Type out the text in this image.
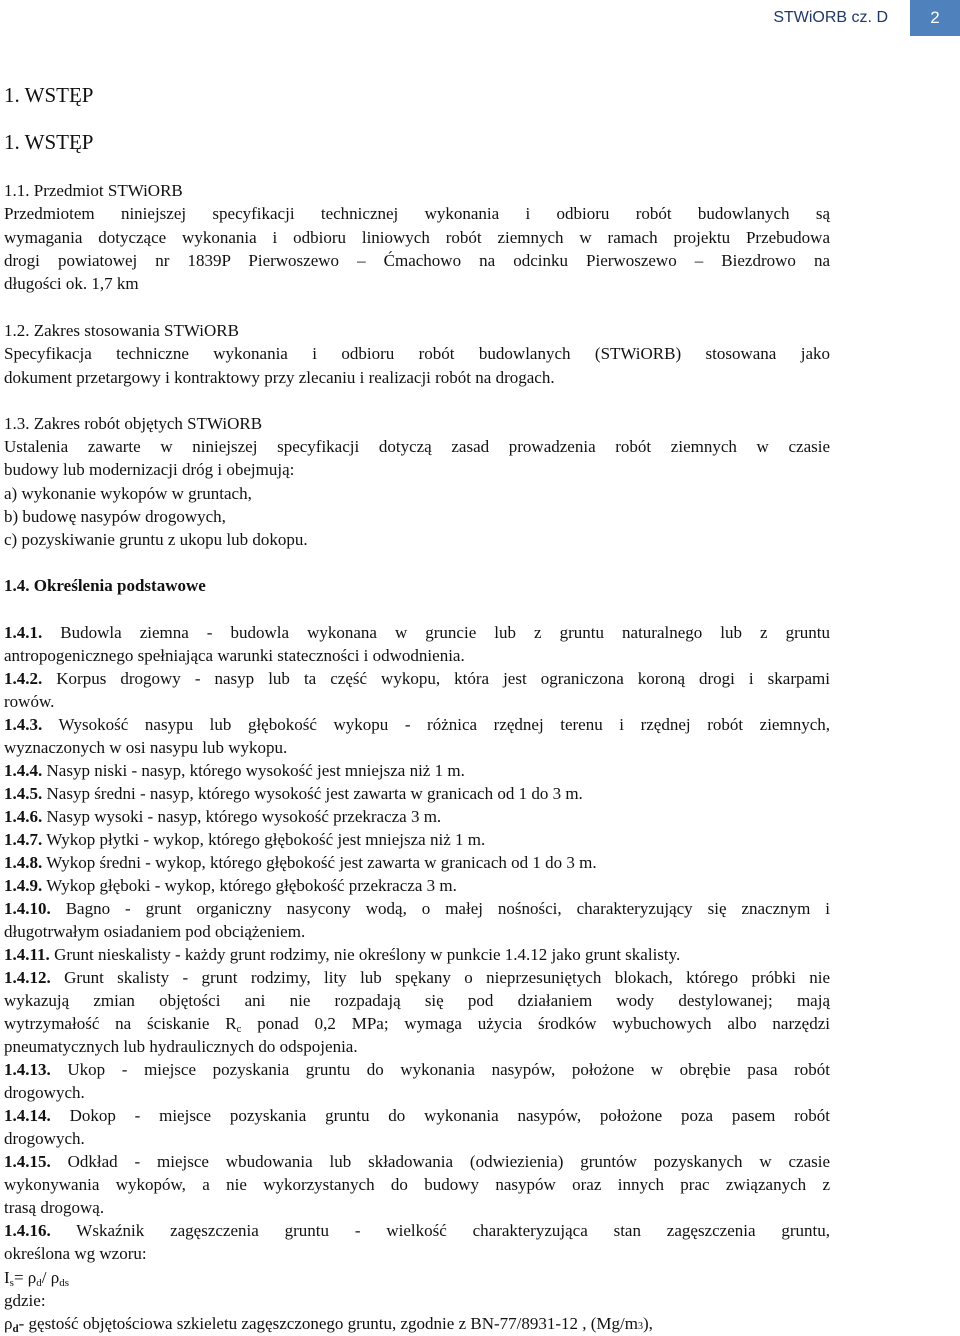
STWiORB cz. D	2
1. WSTĘP
1. WSTĘP
1.1. Przedmiot STWiORB
Przedmiotem niniejszej specyfikacji technicznej wykonania i odbioru robót budowlanych są
wymagania dotyczące wykonania i odbioru liniowych robót ziemnych w ramach projektu Przebudowa
drogi powiatowej nr 1839P Pierwoszewo – Ćmachowo na odcinku Pierwoszewo – Biezdrowo na
długości ok. 1,7 km
1.2. Zakres stosowania STWiORB
Specyfikacja techniczne wykonania i odbioru robót budowlanych (STWiORB) stosowana jako
dokument przetargowy i kontraktowy przy zlecaniu i realizacji robót na drogach.
1.3. Zakres robót objętych STWiORB
Ustalenia zawarte w niniejszej specyfikacji dotyczą zasad prowadzenia robót ziemnych w czasie
budowy lub modernizacji dróg i obejmują:
a) wykonanie wykopów w gruntach,
b) budowę nasypów drogowych,
c) pozyskiwanie gruntu z ukopu lub dokopu.
1.4. Określenia podstawowe
1.4.1. Budowla ziemna - budowla wykonana w gruncie lub z gruntu naturalnego lub z gruntu
antropogenicznego spełniająca warunki stateczności i odwodnienia.
1.4.2. Korpus drogowy - nasyp lub ta część wykopu, która jest ograniczona koroną drogi i skarpami
rowów.
1.4.3. Wysokość nasypu lub głębokość wykopu - różnica rzędnej terenu i rzędnej robót ziemnych,
wyznaczonych w osi nasypu lub wykopu.
1.4.4. Nasyp niski - nasyp, którego wysokość jest mniejsza niż 1 m.
1.4.5. Nasyp średni - nasyp, którego wysokość jest zawarta w granicach od 1 do 3 m.
1.4.6. Nasyp wysoki - nasyp, którego wysokość przekracza 3 m.
1.4.7. Wykop płytki - wykop, którego głębokość jest mniejsza niż 1 m.
1.4.8. Wykop średni - wykop, którego głębokość jest zawarta w granicach od 1 do 3 m.
1.4.9. Wykop głęboki - wykop, którego głębokość przekracza 3 m.
1.4.10. Bagno - grunt organiczny nasycony wodą, o małej nośności, charakteryzujący się znacznym i
długotrwałym osiadaniem pod obciążeniem.
1.4.11. Grunt nieskalisty - każdy grunt rodzimy, nie określony w punkcie 1.4.12 jako grunt skalisty.
1.4.12. Grunt skalisty - grunt rodzimy, lity lub spękany o nieprzesuniętych blokach, którego próbki nie
wykazują zmian objętości ani nie rozpadają się pod działaniem wody destylowanej; mają
wytrzymałość na ściskanie $R_c$ ponad 0,2 MPa; wymaga użycia środków wybuchowych albo narzędzi
pneumatycznych lub hydraulicznych do odspojenia.
1.4.13. Ukop - miejsce pozyskania gruntu do wykonania nasypów, położone w obrębie pasa robót
drogowych.
1.4.14. Dokop - miejsce pozyskania gruntu do wykonania nasypów, położone poza pasem robót
drogowych.
1.4.15. Odkład - miejsce wbudowania lub składowania (odwiezienia) gruntów pozyskanych w czasie
wykonywania wykopów, a nie wykorzystanych do budowy nasypów oraz innych prac związanych z
trasą drogową.
1.4.16. Wskaźnik zagęszczenia gruntu - wielkość charakteryzująca stan zagęszczenia gruntu,
określona wg wzoru:
$I_s= \rho_d/$ $\rho_{ds}$
gdzie:
$\rho_d-$ gęstość objętościowa szkieletu zagęszczonego gruntu, zgodnie z BN-77/8931-12 , (Mg/m3),
